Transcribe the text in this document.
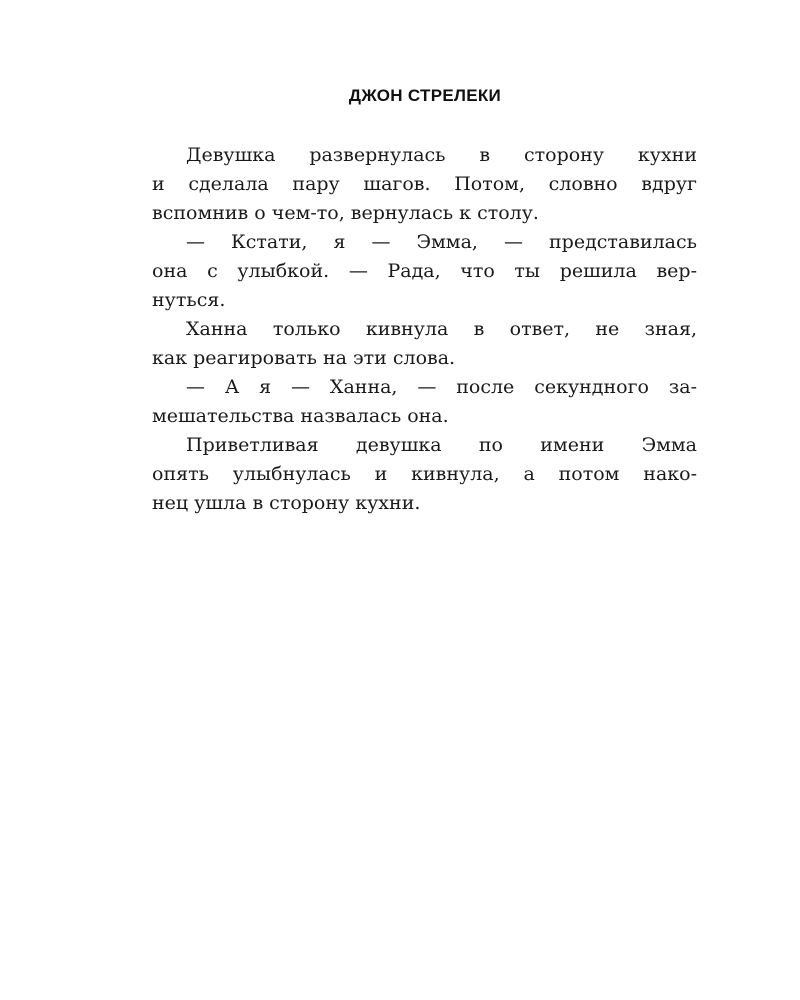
ДЖОН СТРЕЛЕКИ
Девушка развернулась в сторону кухни
и сделала пару шагов. Потом, словно вдруг
вспомнив о чем-то, вернулась к столу.
— Кстати, я — Эмма, — представилась
она с улыбкой. — Рада, что ты решила вер-
нуться.
Ханна только кивнула в ответ, не зная,
как реагировать на эти слова.
— А я — Ханна, — после секундного за-
мешательства назвалась она.
Приветливая девушка по имени Эмма
опять улыбнулась и кивнула, а потом нако-
нец ушла в сторону кухни.
